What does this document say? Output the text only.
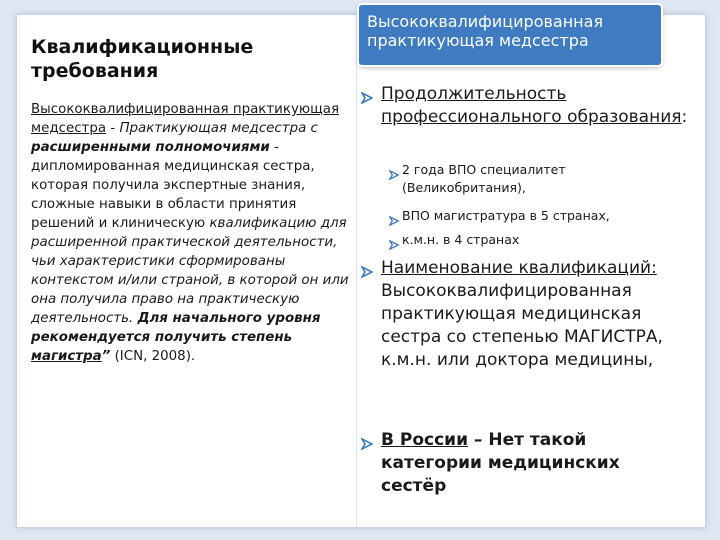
Высококвалифицированная
практикующая медсестра
Квалификационные
требования
Высококвалифицированная практикующая медсестра - Практикующая медсестра с расширенными полномочиями - дипломированная медицинская сестра, которая получила экспертные знания, сложные навыки в области принятия решений и клиническую квалификацию для расширенной практической деятельности, чьи характеристики сформированы контекстом и/или страной, в которой он или она получила право на практическую деятельность. Для начального уровня рекомендуется получить степень магистра” (ICN, 2008).
Продолжительность профессионального образования:
2 года ВПО специалитет (Великобритания),
ВПО магистратура в 5 странах,
к.м.н. в 4 странах
Наименование квалификаций: Высококвалифицированная практикующая медицинская сестра со степенью МАГИСТРА, к.м.н. или доктора медицины,
В России – Нет такой категории медицинских сестёр
